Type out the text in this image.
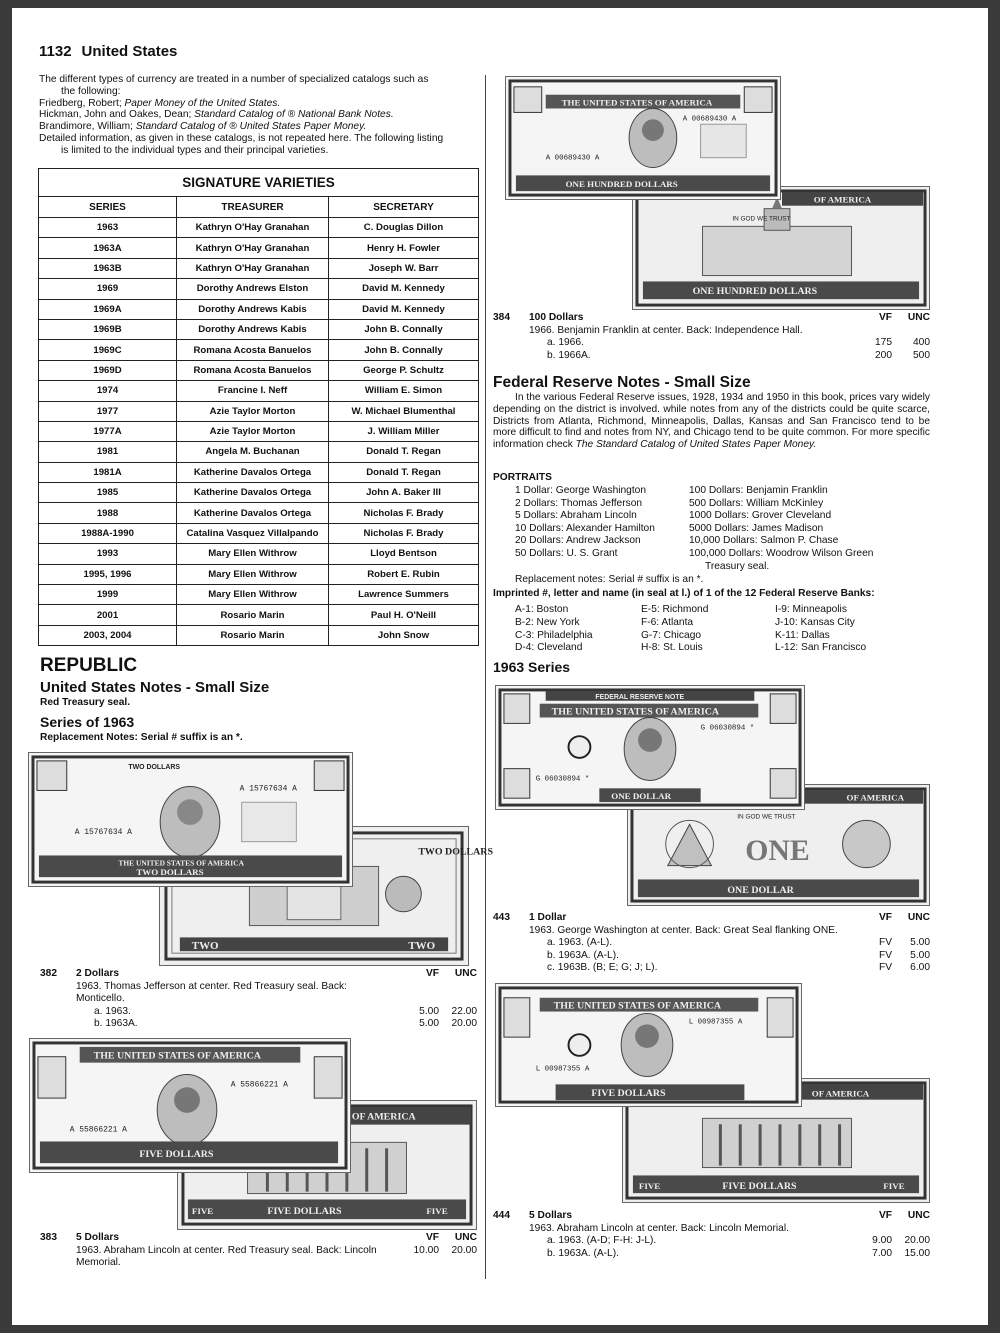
1132 United States

The different types of currency are treated in a number of specialized catalogs such as

the following:

Friedberg, Robert; Paper Money of the United States.

Hickman, John and Oakes, Dean; Standard Catalog of ® National Bank Notes.

Brandimore, William; Standard Catalog of ® United States Paper Money.

Detailed information, as given in these catalogs, is not repeated here. The following listing

is limited to the individual types and their principal varieties.

SIGNATURE VARIETIES		
SERIES	TREASURER	SECRETARY
1963	Kathryn O'Hay Granahan	C. Douglas Dillon
1963A	Kathryn O'Hay Granahan	Henry H. Fowler
1963B	Kathryn O'Hay Granahan	Joseph W. Barr
1969	Dorothy Andrews Elston	David M. Kennedy
1969A	Dorothy Andrews Kabis	David M. Kennedy
1969B	Dorothy Andrews Kabis	John B. Connally
1969C	Romana Acosta Banuelos	John B. Connally
1969D	Romana Acosta Banuelos	George P. Schultz
1974	Francine I. Neff	William E. Simon
1977	Azie Taylor Morton	W. Michael Blumenthal
1977A	Azie Taylor Morton	J. William Miller
1981	Angela M. Buchanan	Donald T. Regan
1981A	Katherine Davalos Ortega	Donald T. Regan
1985	Katherine Davalos Ortega	John A. Baker III
1988	Katherine Davalos Ortega	Nicholas F. Brady
1988A-1990	Catalina Vasquez Villalpando	Nicholas F. Brady
1993	Mary Ellen Withrow	Lloyd Bentson
1995, 1996	Mary Ellen Withrow	Robert E. Rubin
1999	Mary Ellen Withrow	Lawrence Summers
2001	Rosario Marin	Paul H. O'Neill
2003, 2004	Rosario Marin	John Snow
REPUBLIC
United States Notes - Small Size
Red Treasury seal.
Series of 1963
Replacement Notes: Serial # suffix is an *.
TWO DOLLARS
TWO	TWO
TWO DOLLARS
A 15767634 A
A 15767634 A
THE UNITED STATES OF AMERICA
TWO DOLLARS
382	2 Dollars	VF	UNC
1963. Thomas Jefferson at center. Red Treasury seal. Back:
Monticello.
a. 1963.	5.00	22.00
b. 1963A.	5.00	20.00
OF AMERICA
FIVE DOLLARS
FIVE	FIVE
THE UNITED STATES OF AMERICA
A 55866221 A
A 55866221 A
FIVE DOLLARS
383	5 Dollars	VF	UNC
1963. Abraham Lincoln at center. Red Treasury seal. Back: Lincoln	10.00	20.00
Memorial.
OF AMERICA
IN GOD WE TRUST
ONE HUNDRED DOLLARS
THE UNITED STATES OF AMERICA
A 00689430 A
A 00689430 A
ONE HUNDRED DOLLARS
384	100 Dollars	VF	UNC
1966. Benjamin Franklin at center. Back: Independence Hall.
a. 1966.	175	400
b. 1966A.	200	500
Federal Reserve Notes - Small Size
In the various Federal Reserve issues, 1928, 1934 and 1950 in this book, prices vary widely depending on the district is involved. while notes from any of the districts could be quite scarce, Districts from Atlanta, Richmond, Minneapolis, Dallas, Kansas and San Francisco tend to be more difficult to find and notes from NY, and Chicago tend to be quite common. For more specific information check The Standard Catalog of United States Paper Money.
PORTRAITS
1 Dollar: George Washington
2 Dollars: Thomas Jefferson
5 Dollars: Abraham Lincoln
10 Dollars: Alexander Hamilton
20 Dollars: Andrew Jackson
50 Dollars: U. S. Grant
100 Dollars: Benjamin Franklin
500 Dollars: William McKinley
1000 Dollars: Grover Cleveland
5000 Dollars: James Madison
10,000 Dollars: Salmon P. Chase
100,000 Dollars: Woodrow Wilson Green
Treasury seal.
Replacement notes: Serial # suffix is an *.
Imprinted #, letter and name (in seal at l.) of 1 of the 12 Federal Reserve Banks:
A-1: Boston	E-5: Richmond	I-9: Minneapolis
B-2: New York	F-6: Atlanta	J-10: Kansas City
C-3: Philadelphia	G-7: Chicago	K-11: Dallas
D-4: Cleveland	H-8: St. Louis	L-12: San Francisco
1963 Series
OF AMERICA
IN GOD WE TRUST
ONE
ONE DOLLAR
FEDERAL RESERVE NOTE
THE UNITED STATES OF AMERICA
G 06030894 *
G 06030894 *
ONE DOLLAR
443	1 Dollar	VF	UNC
1963. George Washington at center. Back: Great Seal flanking ONE.
a. 1963. (A-L).	FV	5.00
b. 1963A. (A-L).	FV	5.00
c. 1963B. (B; E; G; J; L).	FV	6.00
OF AMERICA
FIVE	FIVE DOLLARS	FIVE
THE UNITED STATES OF AMERICA
L 00987355 A
L 00987355 A
FIVE DOLLARS
444	5 Dollars	VF	UNC
1963. Abraham Lincoln at center. Back: Lincoln Memorial.
a. 1963. (A-D; F-H: J-L).	9.00	20.00
b. 1963A. (A-L).	7.00	15.00
